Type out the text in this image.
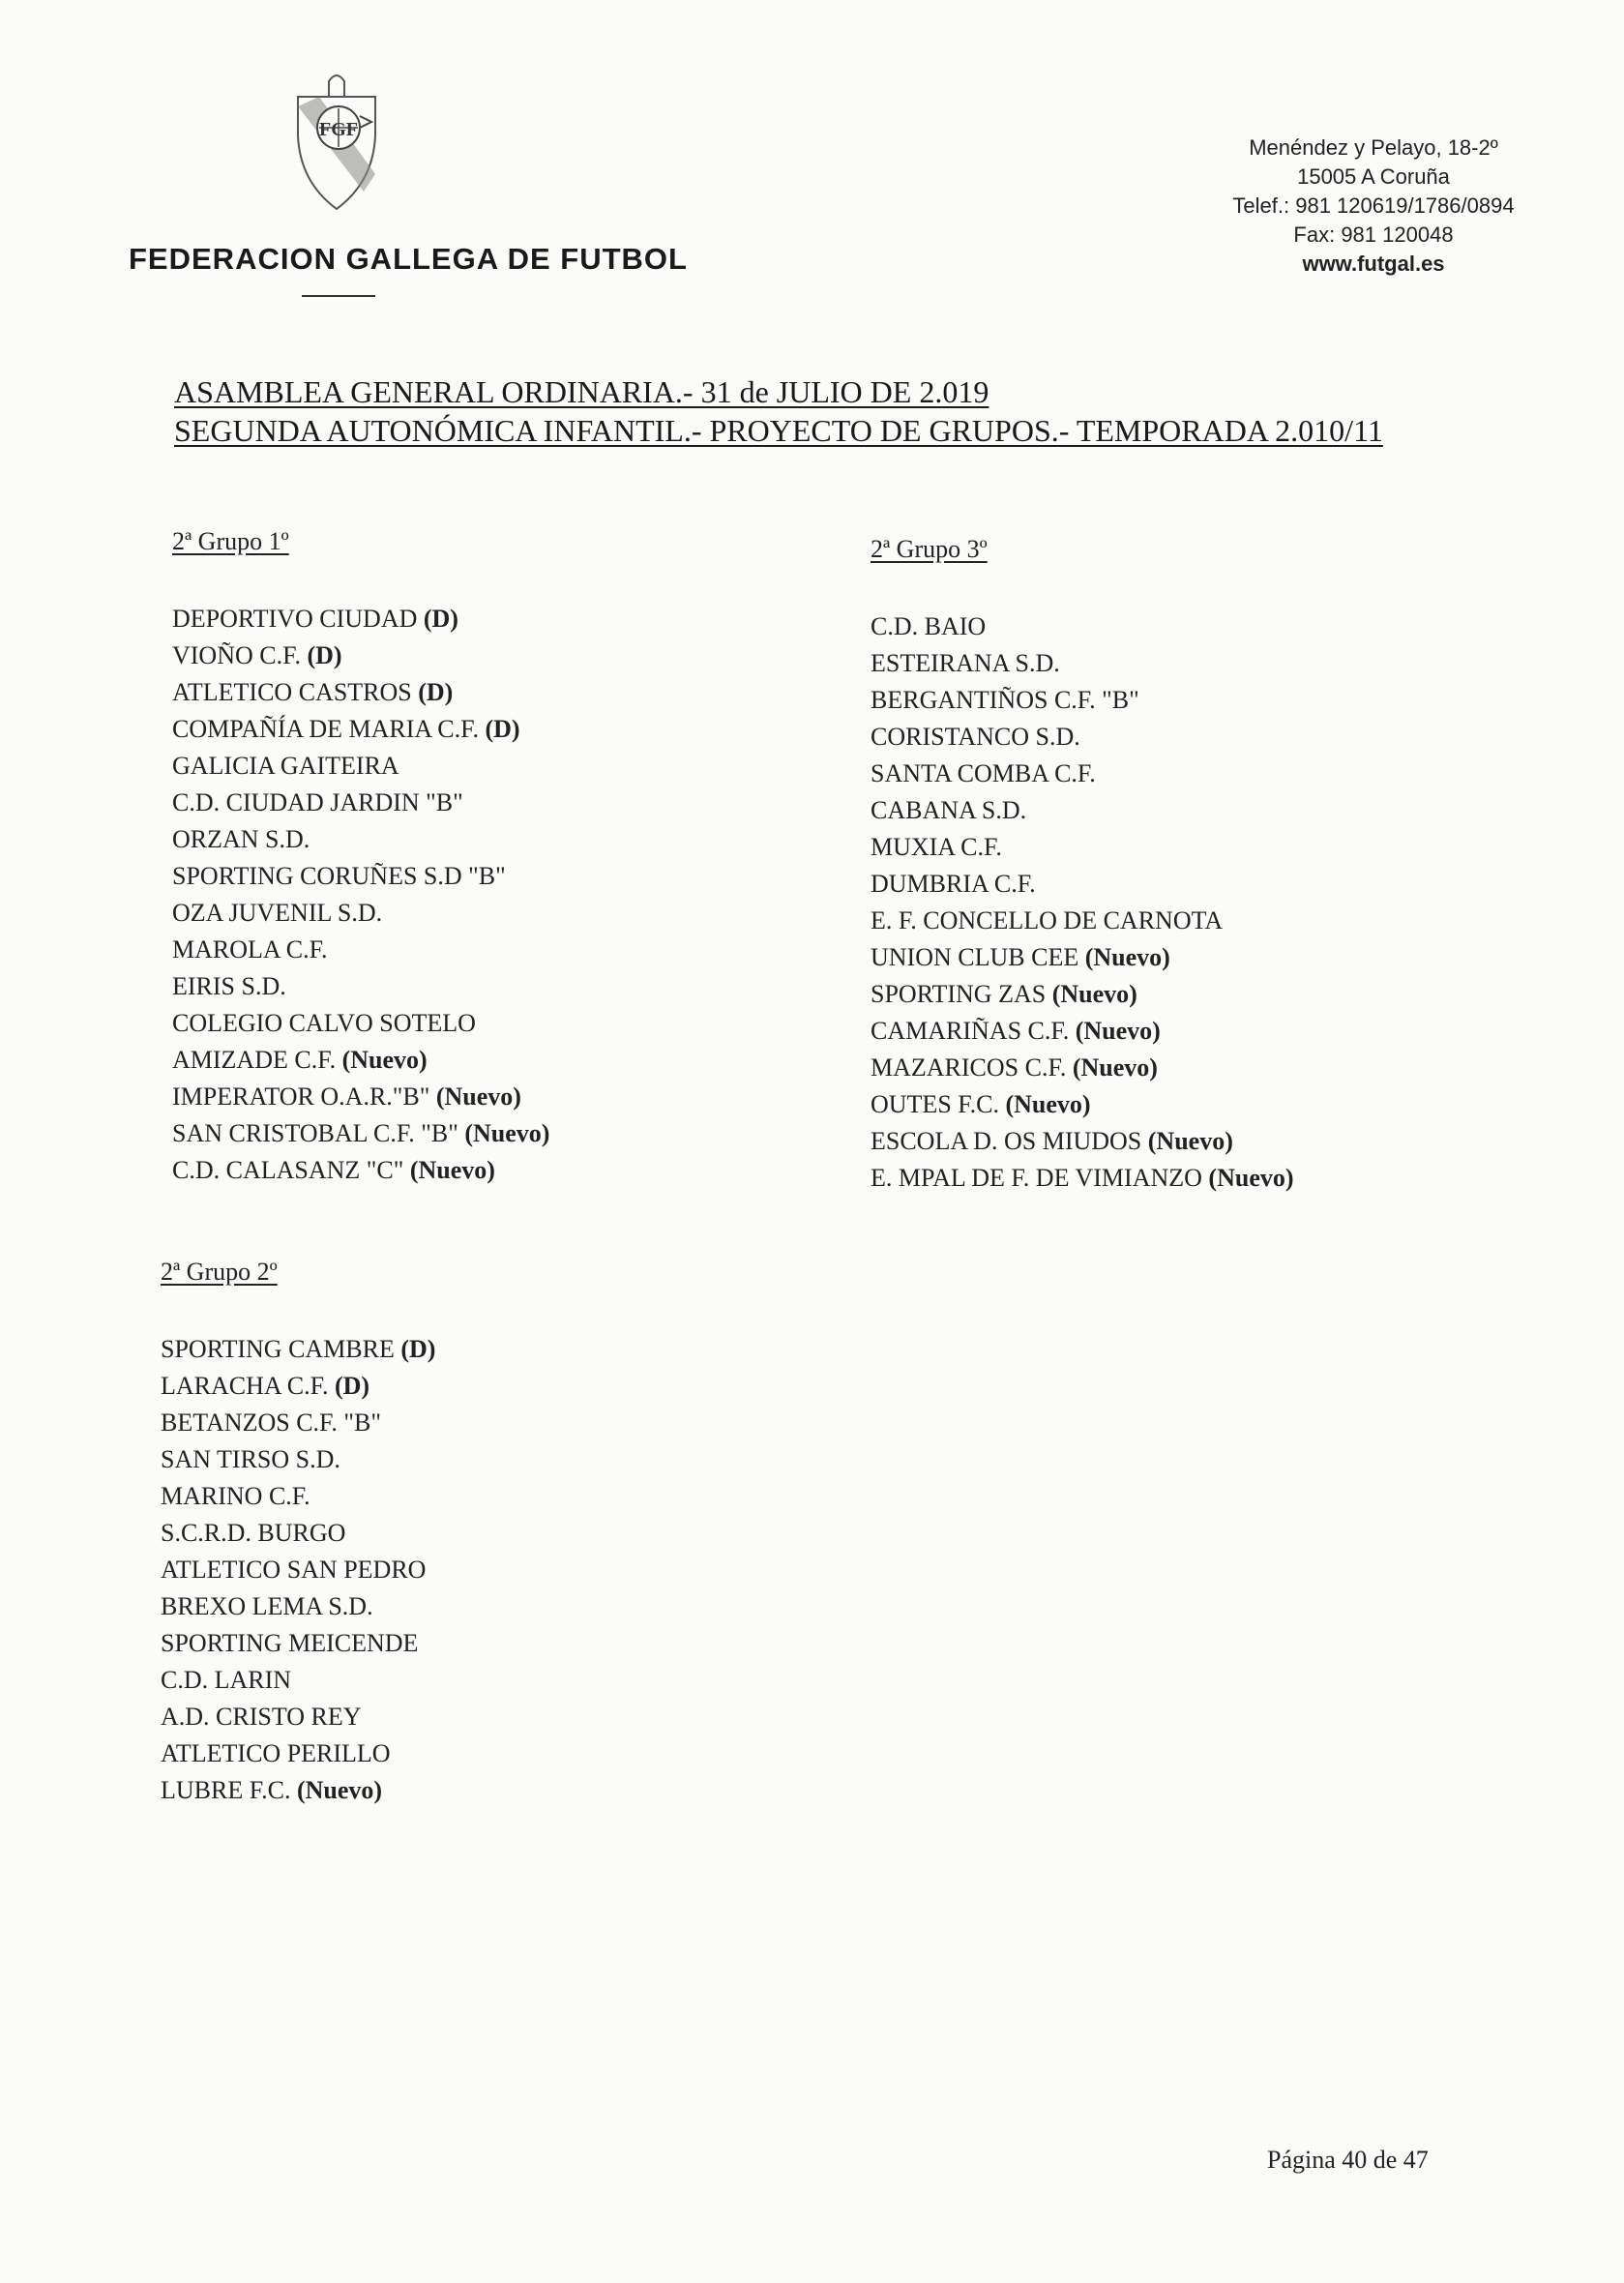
FGF
FEDERACION GALLEGA DE FUTBOL
Menéndez y Pelayo, 18-2º
15005 A Coruña
Telef.: 981 120619/1786/0894
Fax: 981 120048
www.futgal.es
ASAMBLEA GENERAL ORDINARIA.- 31 de JULIO DE 2.019
SEGUNDA AUTONÓMICA INFANTIL.- PROYECTO DE GRUPOS.- TEMPORADA 2.010/11
2ª Grupo 1º
DEPORTIVO CIUDAD (D)
VIOÑO C.F. (D)
ATLETICO CASTROS (D)
COMPAÑÍA DE MARIA C.F. (D)
GALICIA GAITEIRA
C.D. CIUDAD JARDIN "B"
ORZAN S.D.
SPORTING CORUÑES S.D "B"
OZA JUVENIL S.D.
MAROLA C.F.
EIRIS S.D.
COLEGIO CALVO SOTELO
AMIZADE C.F. (Nuevo)
IMPERATOR O.A.R."B" (Nuevo)
SAN CRISTOBAL C.F. "B" (Nuevo)
C.D. CALASANZ "C" (Nuevo)
2ª Grupo 3º
C.D. BAIO
ESTEIRANA S.D.
BERGANTIÑOS C.F. "B"
CORISTANCO S.D.
SANTA COMBA C.F.
CABANA S.D.
MUXIA C.F.
DUMBRIA C.F.
E. F. CONCELLO DE CARNOTA
UNION CLUB CEE (Nuevo)
SPORTING ZAS (Nuevo)
CAMARIÑAS C.F. (Nuevo)
MAZARICOS C.F. (Nuevo)
OUTES F.C. (Nuevo)
ESCOLA D. OS MIUDOS (Nuevo)
E. MPAL DE F. DE VIMIANZO (Nuevo)
2ª Grupo 2º
SPORTING CAMBRE (D)
LARACHA C.F. (D)
BETANZOS C.F. "B"
SAN TIRSO S.D.
MARINO C.F.
S.C.R.D. BURGO
ATLETICO SAN PEDRO
BREXO LEMA S.D.
SPORTING MEICENDE
C.D. LARIN
A.D. CRISTO REY
ATLETICO PERILLO
LUBRE F.C. (Nuevo)
Página 40 de 47
